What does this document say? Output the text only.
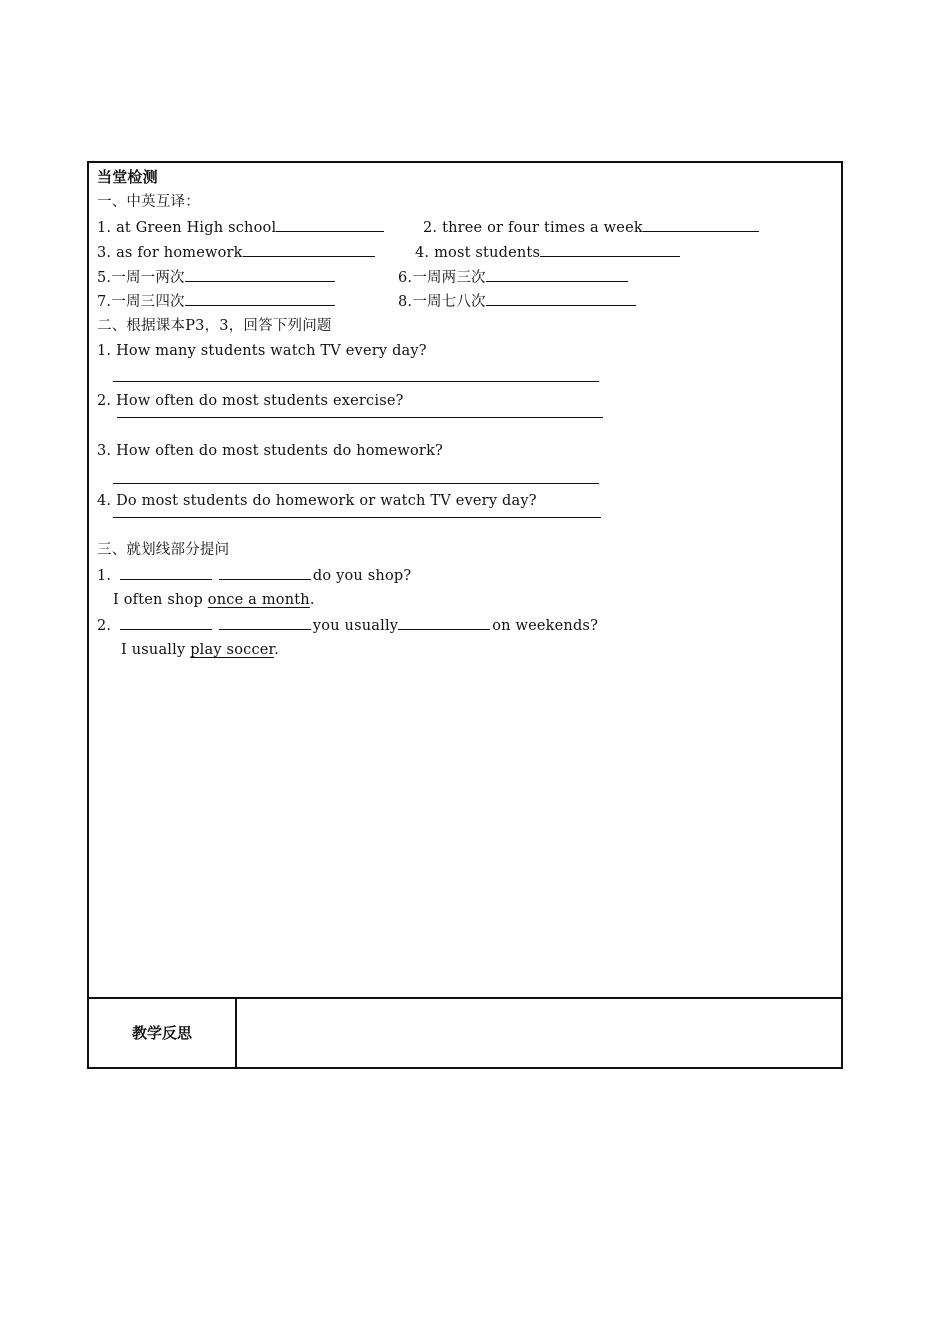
当堂检测
一、中英互译：
1. at Green High school	2. three or four times a week
3. as for homework	4. most students
5.一周一两次	6.一周两三次
7.一周三四次	8.一周七八次
二、根据课本P3，3，回答下列问题
1. How many students watch TV every day?
2. How often do most students exercise?
3. How often do most students do homework?
4. Do most students do homework or watch TV every day?
三、就划线部分提问
1.	do you shop?
I often shop once a month.
2.	you usually	on weekends?
I usually play soccer.
教学反思
